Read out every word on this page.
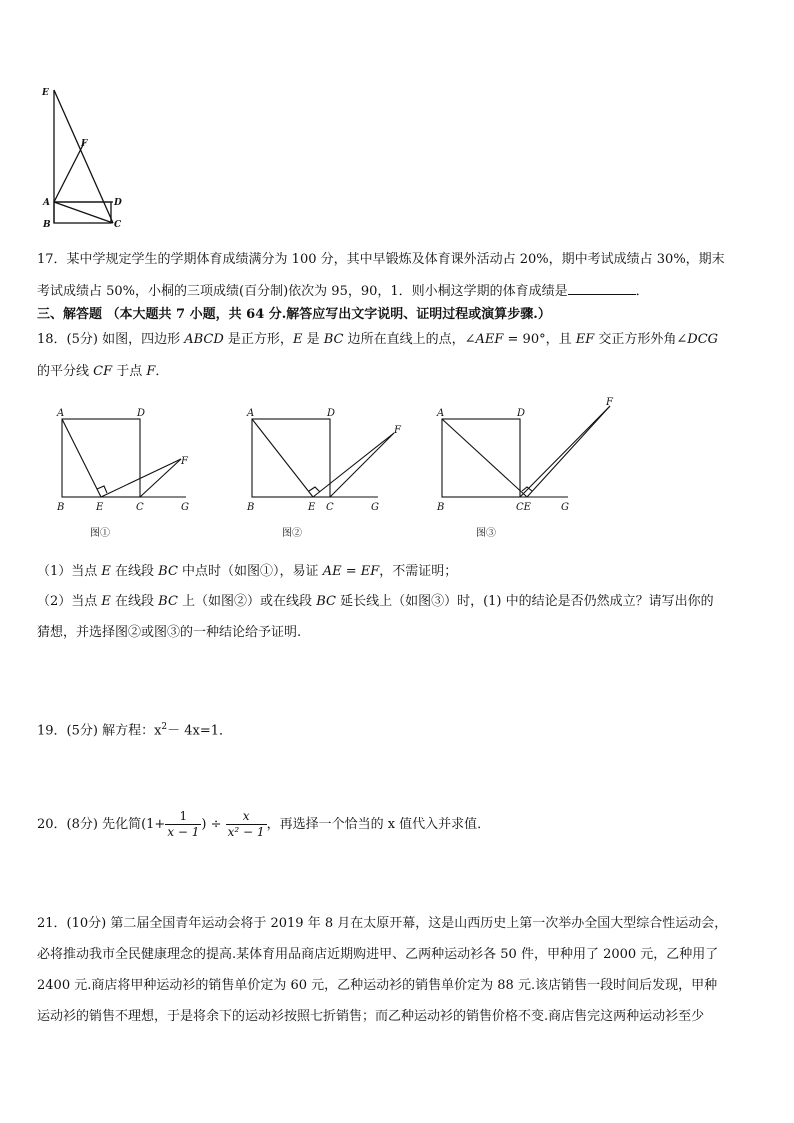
E
F
A	D
B	C
17．某中学规定学生的学期体育成绩满分为 100 分，其中早锻炼及体育课外活动占 20%，期中考试成绩占 30%，期末
考试成绩占 50%，小桐的三项成绩(百分制)依次为 95，90，1．则小桐这学期的体育成绩是	．
三、解答题 （本大题共 7 小题，共 64 分.解答应写出文字说明、证明过程或演算步骤.）
18．(5分) 如图，四边形 ABCD 是正方形，E 是 BC 边所在直线上的点，∠AEF = 90°，且 EF 交正方形外角∠DCG
的平分线 CF 于点 F．
A	D
F
B	E	C	G
图①
A	D
F
B	E C	G
图②
A	D
F
B	CE	G
图③
（1）当点 E 在线段 BC 中点时（如图①），易证 AE = EF，不需证明；
（2）当点 E 在线段 BC 上（如图②）或在线段 BC 延长线上（如图③）时，(1) 中的结论是否仍然成立？请写出你的
猜想，并选择图②或图③的一种结论给予证明.
19．(5分) 解方程：$x^2- 4x=1$．
20．(8分) 先化简($1+ \frac{1}{x - 1}$ ) ÷ $\frac{x}{\text{x² − 1}}$ ，再选择一个恰当的 x 值代入并求值．
21．(10分) 第二届全国青年运动会将于 2019 年 8 月在太原开幕，这是山西历史上第一次举办全国大型综合性运动会，
必将推动我市全民健康理念的提高.某体育用品商店近期购进甲、乙两种运动衫各 50 件，甲种用了 2000 元，乙种用了
2400 元.商店将甲种运动衫的销售单价定为 60 元，乙种运动衫的销售单价定为 88 元.该店销售一段时间后发现，甲种
运动衫的销售不理想，于是将余下的运动衫按照七折销售；而乙种运动衫的销售价格不变.商店售完这两种运动衫至少
